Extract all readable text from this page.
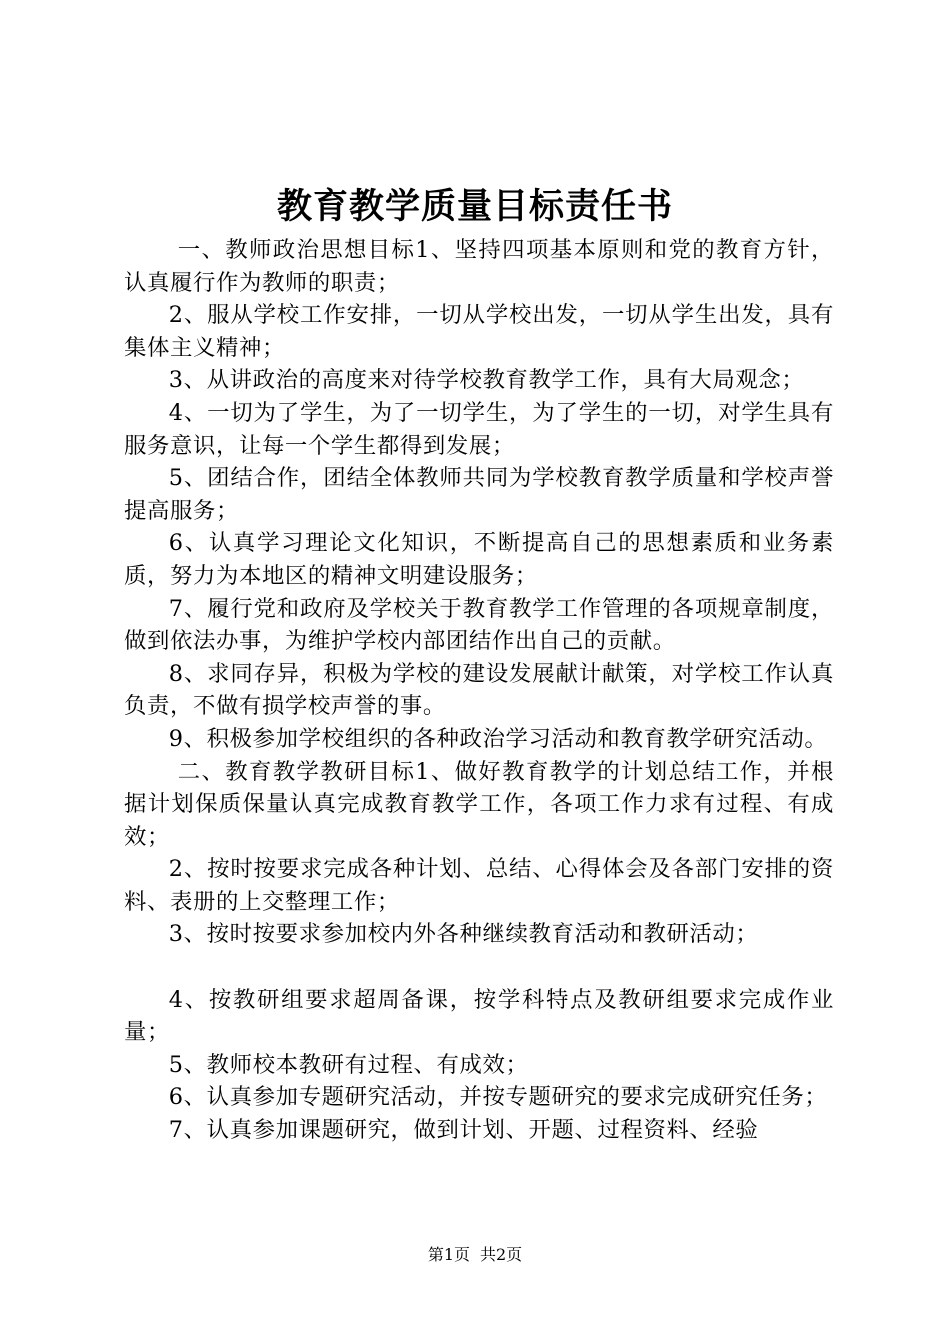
教育教学质量目标责任书

一、教师政治思想目标1、坚持四项基本原则和党的教育方针，认真履行作为教师的职责；

2、服从学校工作安排，一切从学校出发，一切从学生出发，具有集体主义精神；

3、从讲政治的高度来对待学校教育教学工作，具有大局观念；

4、一切为了学生，为了一切学生，为了学生的一切，对学生具有服务意识，让每一个学生都得到发展；

5、团结合作，团结全体教师共同为学校教育教学质量和学校声誉提高服务；

6、认真学习理论文化知识，不断提高自己的思想素质和业务素质，努力为本地区的精神文明建设服务；

7、履行党和政府及学校关于教育教学工作管理的各项规章制度，做到依法办事，为维护学校内部团结作出自己的贡献。

8、求同存异，积极为学校的建设发展献计献策，对学校工作认真负责，不做有损学校声誉的事。

9、积极参加学校组织的各种政治学习活动和教育教学研究活动。

二、教育教学教研目标1、做好教育教学的计划总结工作，并根据计划保质保量认真完成教育教学工作，各项工作力求有过程、有成效；

2、按时按要求完成各种计划、总结、心得体会及各部门安排的资料、表册的上交整理工作；

3、按时按要求参加校内外各种继续教育活动和教研活动；

4、按教研组要求超周备课，按学科特点及教研组要求完成作业量；

5、教师校本教研有过程、有成效；

6、认真参加专题研究活动，并按专题研究的要求完成研究任务；

7、认真参加课题研究，做到计划、开题、过程资料、经验

第1页 共2页
